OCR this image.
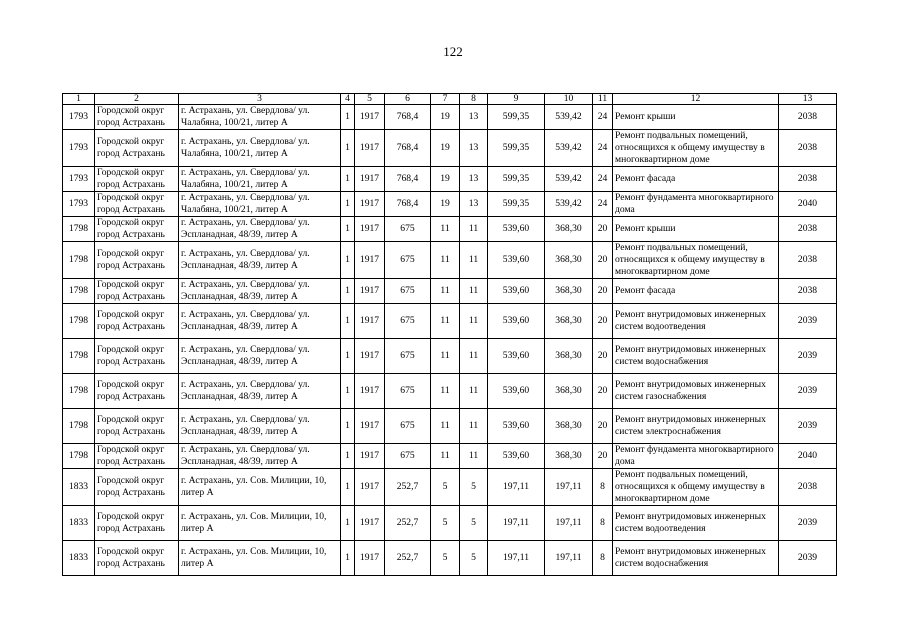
122
1	2	3	4	5	6	7	8	9	10	11	12	13
1793	Городской округ город Астрахань	г. Астрахань, ул. Свердлова/ ул. Чалабяна, 100/21, литер А	1	1917	768,4	19	13	599,35	539,42	24	Ремонт крыши	2038
1793	Городской округ город Астрахань	г. Астрахань, ул. Свердлова/ ул. Чалабяна, 100/21, литер А	1	1917	768,4	19	13	599,35	539,42	24	Ремонт подвальных помещений, относящихся к общему имуществу в многоквартирном доме	2038
1793	Городской округ город Астрахань	г. Астрахань, ул. Свердлова/ ул. Чалабяна, 100/21, литер А	1	1917	768,4	19	13	599,35	539,42	24	Ремонт фасада	2038
1793	Городской округ город Астрахань	г. Астрахань, ул. Свердлова/ ул. Чалабяна, 100/21, литер А	1	1917	768,4	19	13	599,35	539,42	24	Ремонт фундамента многоквартирного дома	2040
1798	Городской округ город Астрахань	г. Астрахань, ул. Свердлова/ ул. Эспланадная, 48/39, литер А	1	1917	675	11	11	539,60	368,30	20	Ремонт крыши	2038
1798	Городской округ город Астрахань	г. Астрахань, ул. Свердлова/ ул. Эспланадная, 48/39, литер А	1	1917	675	11	11	539,60	368,30	20	Ремонт подвальных помещений, относящихся к общему имуществу в многоквартирном доме	2038
1798	Городской округ город Астрахань	г. Астрахань, ул. Свердлова/ ул. Эспланадная, 48/39, литер А	1	1917	675	11	11	539,60	368,30	20	Ремонт фасада	2038
1798	Городской округ город Астрахань	г. Астрахань, ул. Свердлова/ ул. Эспланадная, 48/39, литер А	1	1917	675	11	11	539,60	368,30	20	Ремонт внутридомовых инженерных систем водоотведения	2039
1798	Городской округ город Астрахань	г. Астрахань, ул. Свердлова/ ул. Эспланадная, 48/39, литер А	1	1917	675	11	11	539,60	368,30	20	Ремонт внутридомовых инженерных систем водоснабжения	2039
1798	Городской округ город Астрахань	г. Астрахань, ул. Свердлова/ ул. Эспланадная, 48/39, литер А	1	1917	675	11	11	539,60	368,30	20	Ремонт внутридомовых инженерных систем газоснабжения	2039
1798	Городской округ город Астрахань	г. Астрахань, ул. Свердлова/ ул. Эспланадная, 48/39, литер А	1	1917	675	11	11	539,60	368,30	20	Ремонт внутридомовых инженерных систем электроснабжения	2039
1798	Городской округ город Астрахань	г. Астрахань, ул. Свердлова/ ул. Эспланадная, 48/39, литер А	1	1917	675	11	11	539,60	368,30	20	Ремонт фундамента многоквартирного дома	2040
1833	Городской округ город Астрахань	г. Астрахань, ул. Сов. Милиции, 10, литер А	1	1917	252,7	5	5	197,11	197,11	8	Ремонт подвальных помещений, относящихся к общему имуществу в многоквартирном доме	2038
1833	Городской округ город Астрахань	г. Астрахань, ул. Сов. Милиции, 10, литер А	1	1917	252,7	5	5	197,11	197,11	8	Ремонт внутридомовых инженерных систем водоотведения	2039
1833	Городской округ город Астрахань	г. Астрахань, ул. Сов. Милиции, 10, литер А	1	1917	252,7	5	5	197,11	197,11	8	Ремонт внутридомовых инженерных систем водоснабжения	2039
